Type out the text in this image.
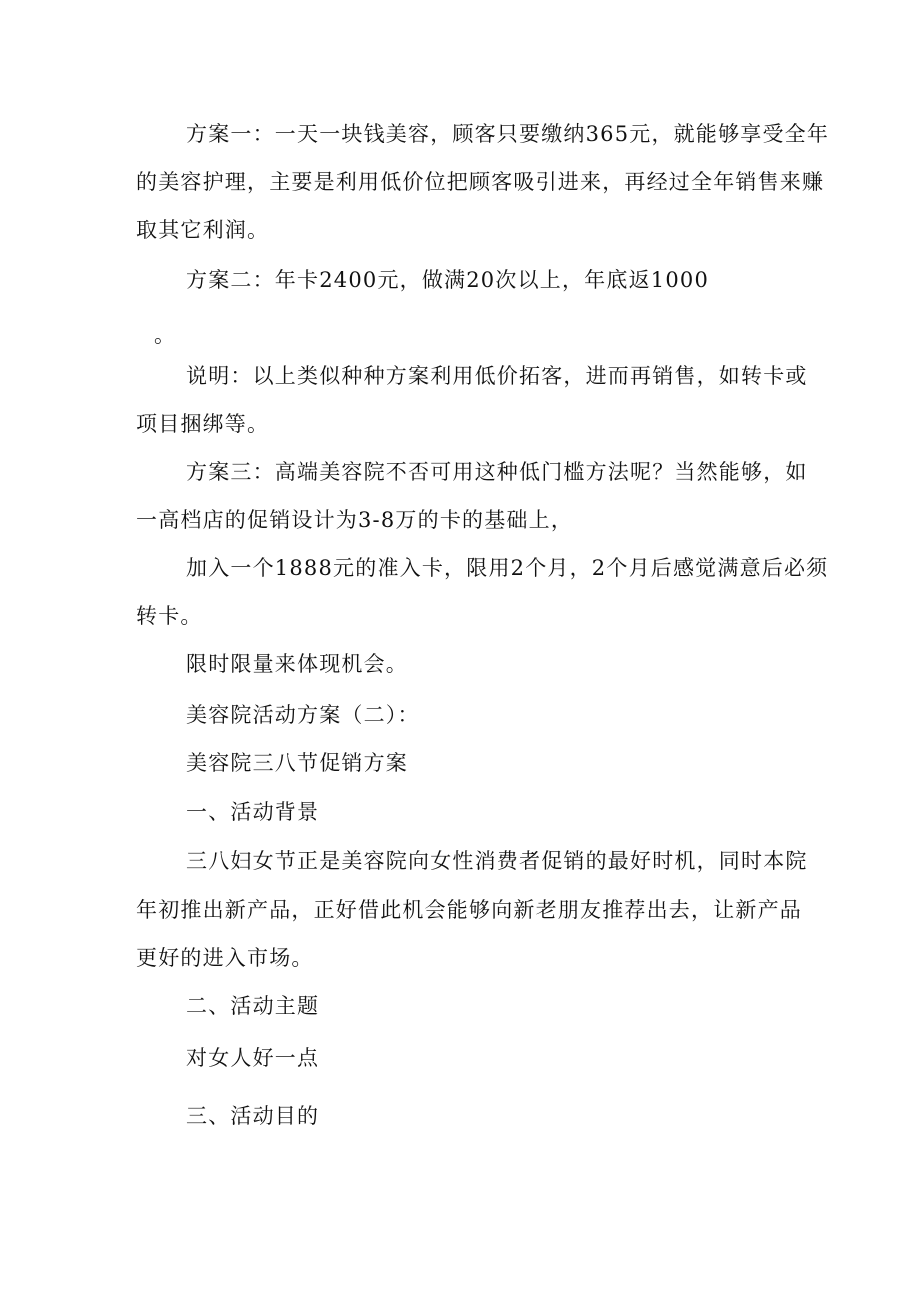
方案一：一天一块钱美容，顾客只要缴纳365元，就能够享受全年
的美容护理，主要是利用低价位把顾客吸引进来，再经过全年销售来赚
取其它利润。
方案二：年卡2400元，做满20次以上，年底返1000
。
说明：以上类似种种方案利用低价拓客，进而再销售，如转卡或
项目捆绑等。
方案三：高端美容院不否可用这种低门槛方法呢？当然能够，如
一高档店的促销设计为3-8万的卡的基础上，
加入一个1888元的准入卡，限用2个月，2个月后感觉满意后必须
转卡。
限时限量来体现机会。
美容院活动方案（二）：
美容院三八节促销方案
一、活动背景
三八妇女节正是美容院向女性消费者促销的最好时机，同时本院
年初推出新产品，正好借此机会能够向新老朋友推荐出去，让新产品
更好的进入市场。
二、活动主题
对女人好一点
三、活动目的
